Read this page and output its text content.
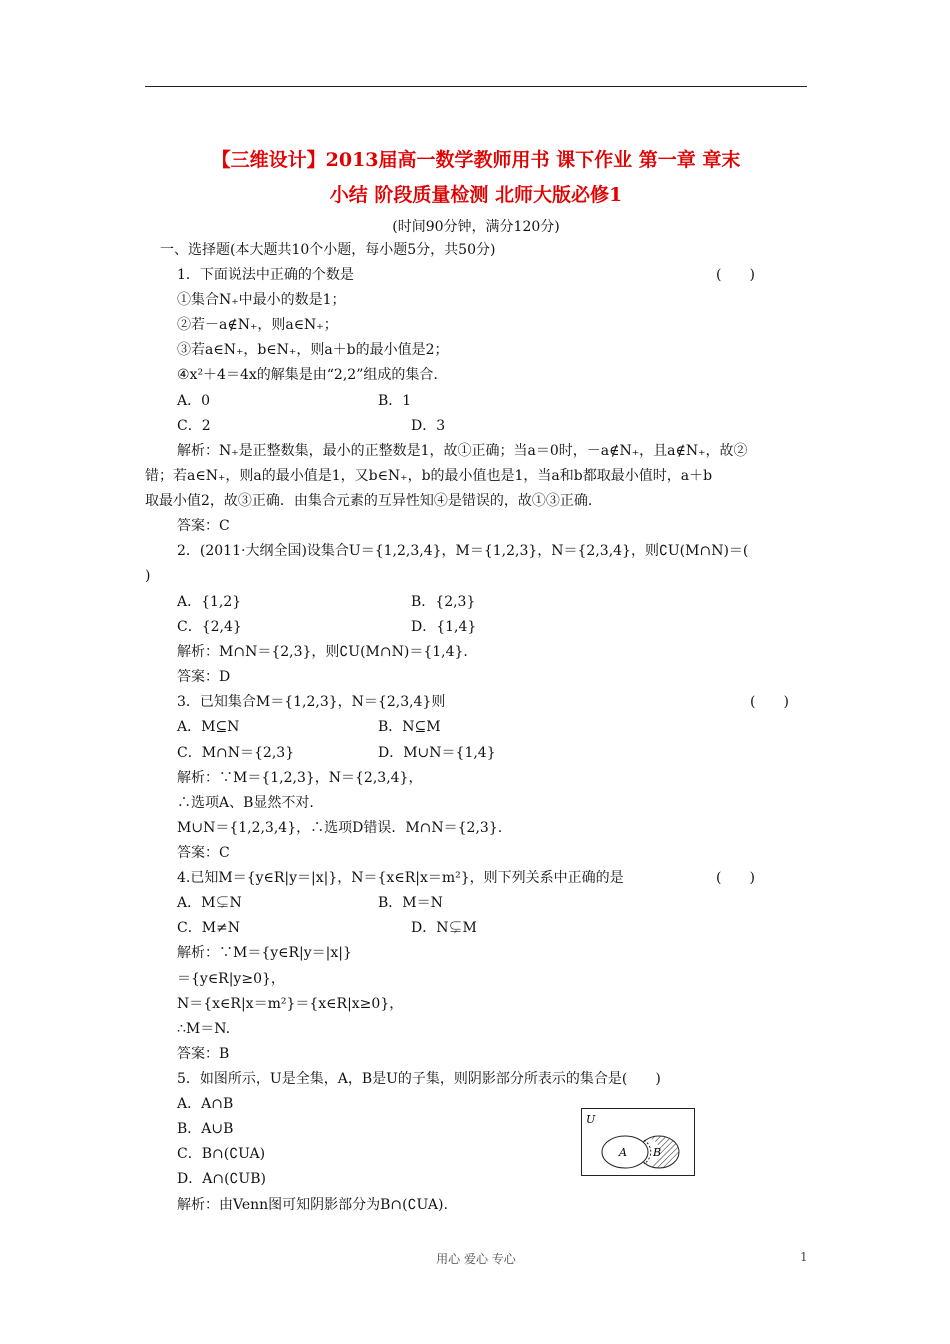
【三维设计】2013届高一数学教师用书 课下作业 第一章 章末
小结 阶段质量检测 北师大版必修1
(时间90分钟，满分120分)
一、选择题(本大题共10个小题，每小题5分，共50分)
1．下面说法中正确的个数是	(　　)
①集合N₊中最小的数是1；
②若－a∉N₊，则a∈N₊；
③若a∈N₊，b∈N₊，则a＋b的最小值是2；
④x²＋4＝4x的解集是由“2,2”组成的集合.
A．0	B．1
C．2	D．3
解析：N₊是正整数集，最小的正整数是1，故①正确；当a＝0时，－a∉N₊，且a∉N₊，故②
错；若a∈N₊，则a的最小值是1，又b∈N₊，b的最小值也是1，当a和b都取最小值时，a＋b
取最小值2，故③正确．由集合元素的互异性知④是错误的，故①③正确.
答案：C
2．(2011·大纲全国)设集合U＝{1,2,3,4}，M＝{1,2,3}，N＝{2,3,4}，则∁U(M∩N)＝(
)
A．{1,2}	B．{2,3}
C．{2,4}	D．{1,4}
解析：M∩N＝{2,3}，则∁U(M∩N)＝{1,4}.
答案：D
3．已知集合M＝{1,2,3}，N＝{2,3,4}则	(　　)
A．M⊆N	B．N⊆M
C．M∩N＝{2,3}	D．M∪N＝{1,4}
解析：∵M＝{1,2,3}，N＝{2,3,4}，
∴选项A、B显然不对.
M∪N＝{1,2,3,4}，∴选项D错误．M∩N＝{2,3}.
答案：C
4.已知M＝{y∈R|y＝|x|}，N＝{x∈R|x＝m²}，则下列关系中正确的是	(　　)
A．M⊊N	B．M＝N
C．M≠N	D．N⊊M
解析：∵M＝{y∈R|y＝|x|}
＝{y∈R|y≥0}，
N＝{x∈R|x＝m²}＝{x∈R|x≥0}，
∴M＝N.
答案：B
5．如图所示，U是全集，A，B是U的子集，则阴影部分所表示的集合是(　　)
A．A∩B
B．A∪B
C．B∩(∁UA)
D．A∩(∁UB)
解析：由Venn图可知阴影部分为B∩(∁UA).
U
A B
用心 爱心 专心	1
